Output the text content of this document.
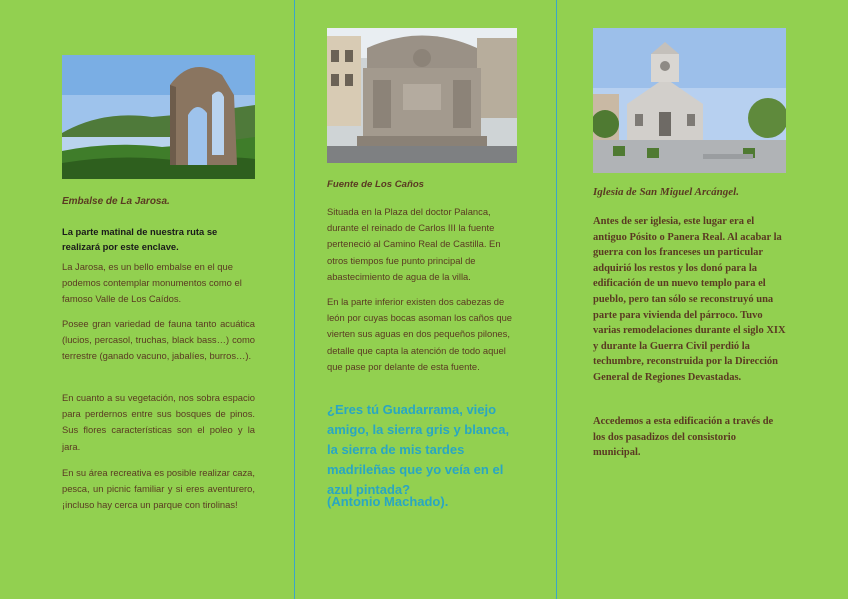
Embalse de La Jarosa.

La parte matinal de nuestra ruta se realizará por este enclave.

La Jarosa, es un bello embalse en el que podemos contemplar monumentos como el famoso Valle de Los Caídos.

Posee gran variedad de fauna tanto acuática (lucios, percasol, truchas, black bass…) como terrestre (ganado vacuno, jabalíes, burros…).

En cuanto a su vegetación, nos sobra espacio para perdernos entre sus bosques de pinos. Sus flores características son el poleo y la jara.

En su área recreativa es posible realizar caza, pesca, un picnic familiar y si eres aventurero, ¡incluso hay cerca un parque con tirolinas!

Fuente de Los Caños

Situada en la Plaza del doctor Palanca, durante el reinado de Carlos III la fuente perteneció al Camino Real de Castilla. En otros tiempos fue punto principal de abastecimiento de agua de la villa.

En la parte inferior existen dos cabezas de león por cuyas bocas asoman los caños que vierten sus aguas en dos pequeños pilones, detalle que capta la atención de todo aquel que pase por delante de esta fuente.

¿Eres tú Guadarrama, viejo amigo, la sierra gris y blanca, la sierra de mis tardes madrileñas que yo veía en el azul pintada?

(Antonio Machado).

Iglesia de San Miguel Arcángel.

Antes de ser iglesia, este lugar era el antiguo Pósito o Panera Real. Al acabar la guerra con los franceses un particular adquirió los restos y los donó para la edificación de un nuevo templo para el pueblo, pero tan sólo se reconstruyó una parte para vivienda del párroco. Tuvo varias remodelaciones durante el siglo XIX y durante la Guerra Civil perdió la techumbre, reconstruida por la Dirección General de Regiones Devastadas.

Accedemos a esta edificación a través de los dos pasadizos del consistorio municipal.
